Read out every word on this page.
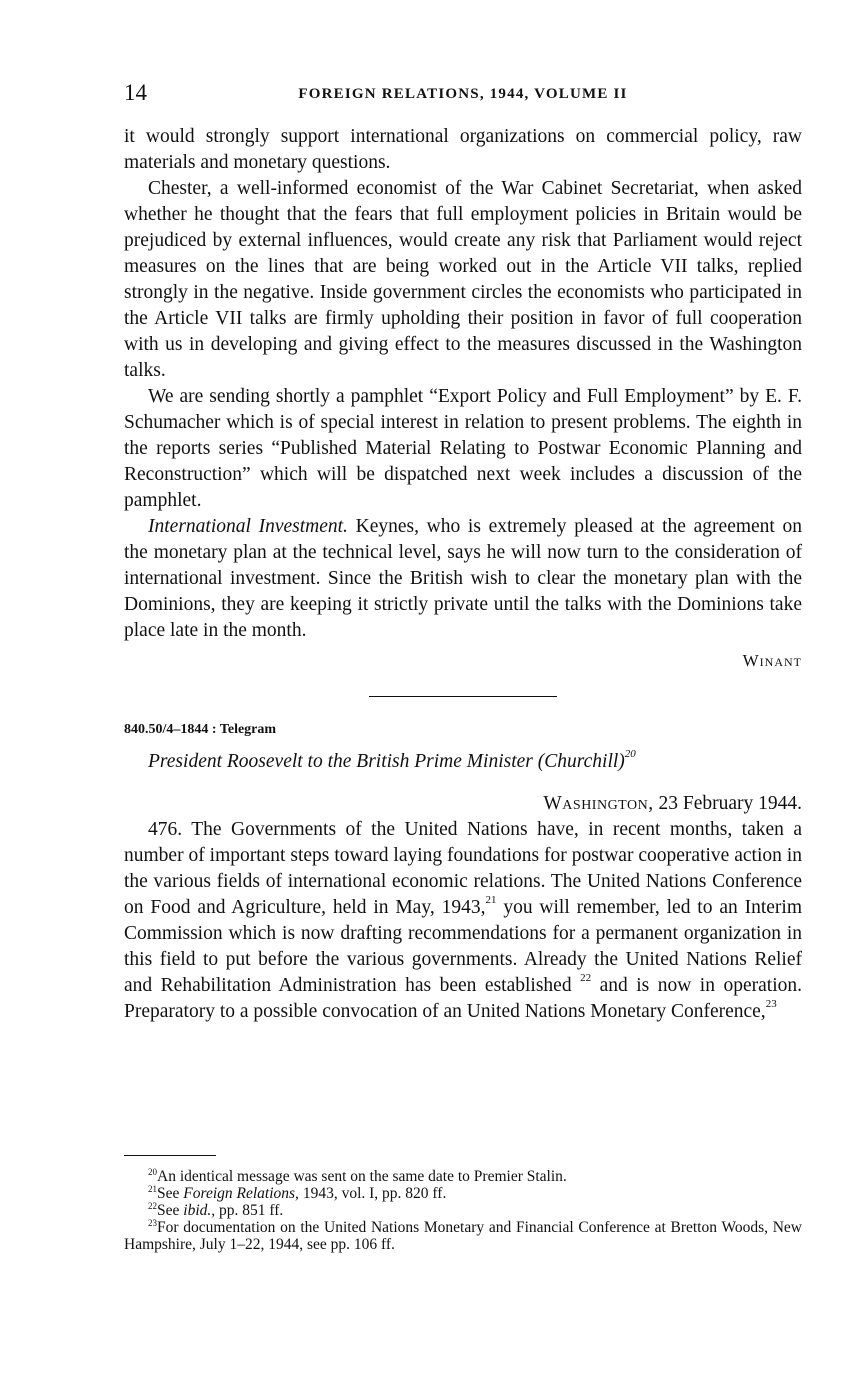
14	FOREIGN RELATIONS, 1944, VOLUME II

it would strongly support international organizations on commercial policy, raw materials and monetary questions.

Chester, a well-informed economist of the War Cabinet Secretariat, when asked whether he thought that the fears that full employment policies in Britain would be prejudiced by external influences, would create any risk that Parliament would reject measures on the lines that are being worked out in the Article VII talks, replied strongly in the negative. Inside government circles the economists who participated in the Article VII talks are firmly upholding their position in favor of full cooperation with us in developing and giving effect to the measures discussed in the Washington talks.

We are sending shortly a pamphlet “Export Policy and Full Employment” by E. F. Schumacher which is of special interest in relation to present problems. The eighth in the reports series “Published Material Relating to Postwar Economic Planning and Reconstruction” which will be dispatched next week includes a discussion of the pamphlet.

International Investment. Keynes, who is extremely pleased at the agreement on the monetary plan at the technical level, says he will now turn to the consideration of international investment. Since the British wish to clear the monetary plan with the Dominions, they are keeping it strictly private until the talks with the Dominions take place late in the month.

Winant

840.50/4–1844 : Telegram

President Roosevelt to the British Prime Minister (Churchill)$^{20}$

Washington, 23 February 1944.

476. The Governments of the United Nations have, in recent months, taken a number of important steps toward laying foundations for postwar cooperative action in the various fields of international economic relations. The United Nations Conference on Food and Agriculture, held in May, 1943,21 you will remember, led to an Interim Commission which is now drafting recommendations for a permanent organization in this field to put before the various governments. Already the United Nations Relief and Rehabilitation Administration has been established $^{22}$ and is now in operation. Preparatory to a possible convocation of an United Nations Monetary Conference,$^{23}$

$^{20}$An identical message was sent on the same date to Premier Stalin.

$^{21}$See Foreign Relations, 1943, vol. I, pp. 820 ff.

$^{22}$See ibid., pp. 851 ff.

$^{23}$For documentation on the United Nations Monetary and Financial Conference at Bretton Woods, New Hampshire, July 1–22, 1944, see pp. 106 ff.
